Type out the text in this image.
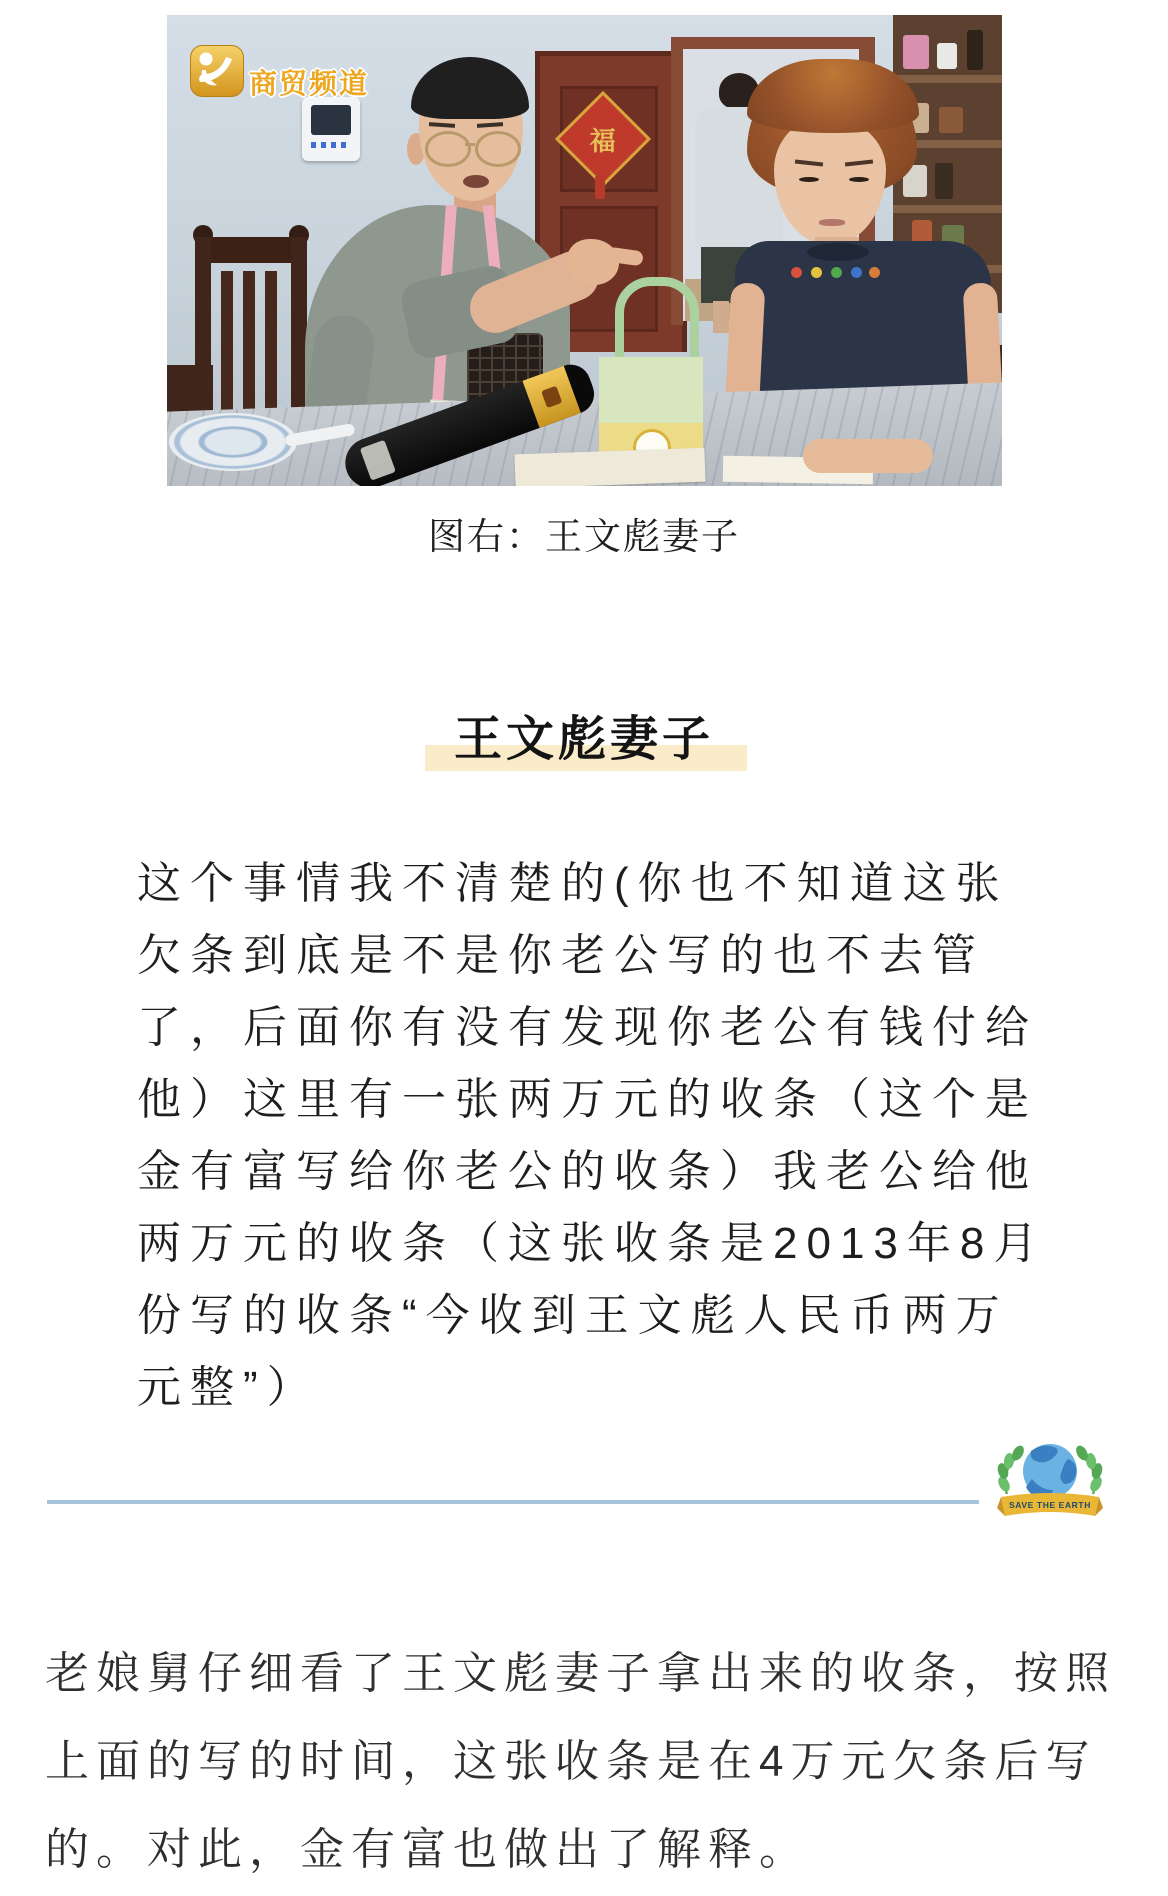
福
商贸频道
图右：王文彪妻子
王文彪妻子
这个事情我不清楚的(你也不知道这张
欠条到底是不是你老公写的也不去管
了，后面你有没有发现你老公有钱付给
他）这里有一张两万元的收条（这个是
金有富写给你老公的收条）我老公给他
两万元的收条（这张收条是2013年8月
份写的收条“今收到王文彪人民币两万
元整”）
SAVE THE EARTH
老娘舅仔细看了王文彪妻子拿出来的收条，按照
上面的写的时间，这张收条是在4万元欠条后写
的。对此，金有富也做出了解释。
